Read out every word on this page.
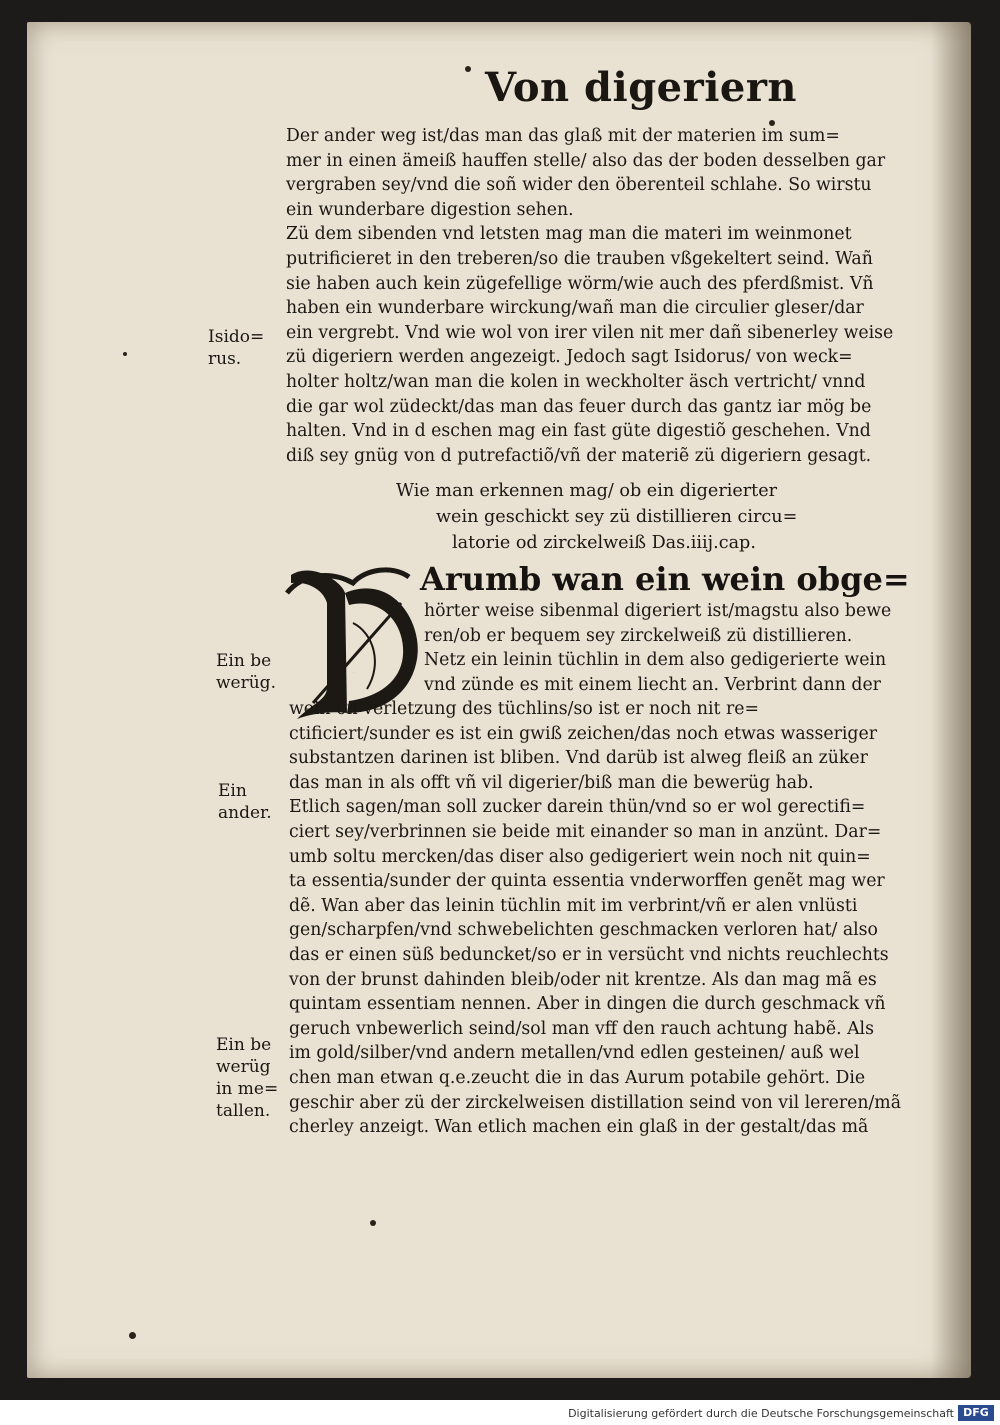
Von digeriern
Der ander weg ist/das man das glaß mit der materien im sum=
mer in einen ämeiß hauffen stelle/ also das der boden desselben gar
vergraben sey/vnd die soñ wider den öberenteil schlahe. So wirstu
ein wunderbare digestion sehen.
Zü dem sibenden vnd letsten mag man die materi im weinmonet
putrificieret in den treberen/so die trauben vßgekeltert seind. Wañ
sie haben auch kein zügefellige wörm/wie auch des pferdßmist. Vñ
haben ein wunderbare wirckung/wañ man die circulier gleser/dar
ein vergrebt. Vnd wie wol von irer vilen nit mer dañ sibenerley weise
zü digeriern werden angezeigt. Jedoch sagt Isidorus/ von weck=
holter holtz/wan man die kolen in weckholter äsch vertricht/ vnnd
die gar wol züdeckt/das man das feuer durch das gantz iar mög be
halten. Vnd in d eschen mag ein fast güte digestiõ geschehen. Vnd
diß sey gnüg von d putrefactiõ/vñ der materiẽ zü digeriern gesagt.
Isido=
rus.
Wie man erkennen mag/ ob ein digerierter
wein geschickt sey zü distillieren circu=
latorie od zirckelweiß Das.iiij.cap.
D
Arumb wan ein wein obge=
hörter weise sibenmal digeriert ist/magstu also bewe
ren/ob er bequem sey zirckelweiß zü distillieren.
Netz ein leinin tüchlin in dem also gedigerierte wein
vnd zünde es mit einem liecht an. Verbrint dann der
wein on verletzung des tüchlins/so ist er noch nit re=
ctificiert/sunder es ist ein gwiß zeichen/das noch etwas wasseriger
substantzen darinen ist bliben. Vnd darüb ist alweg fleiß an züker
das man in als offt vñ vil digerier/biß man die bewerüg hab.
Etlich sagen/man soll zucker darein thün/vnd so er wol gerectifi=
ciert sey/verbrinnen sie beide mit einander so man in anzünt. Dar=
umb soltu mercken/das diser also gedigeriert wein noch nit quin=
ta essentia/sunder der quinta essentia vnderworffen genẽt mag wer
dẽ. Wan aber das leinin tüchlin mit im verbrint/vñ er alen vnlüsti
gen/scharpfen/vnd schwebelichten geschmacken verloren hat/ also
das er einen süß beduncket/so er in versücht vnd nichts reuchlechts
von der brunst dahinden bleib/oder nit krentze. Als dan mag mã es
quintam essentiam nennen. Aber in dingen die durch geschmack vñ
geruch vnbewerlich seind/sol man vff den rauch achtung habẽ. Als
im gold/silber/vnd andern metallen/vnd edlen gesteinen/ auß wel
chen man etwan q.e.zeucht die in das Aurum potabile gehört. Die
geschir aber zü der zirckelweisen distillation seind von vil lereren/mã
cherley anzeigt. Wan etlich machen ein glaß in der gestalt/das mã
Ein be
werüg.
Ein
ander.
Ein be
werüg
in me=
tallen.
Digitalisierung gefördert durch die Deutsche Forschungsgemeinschaft DFG
